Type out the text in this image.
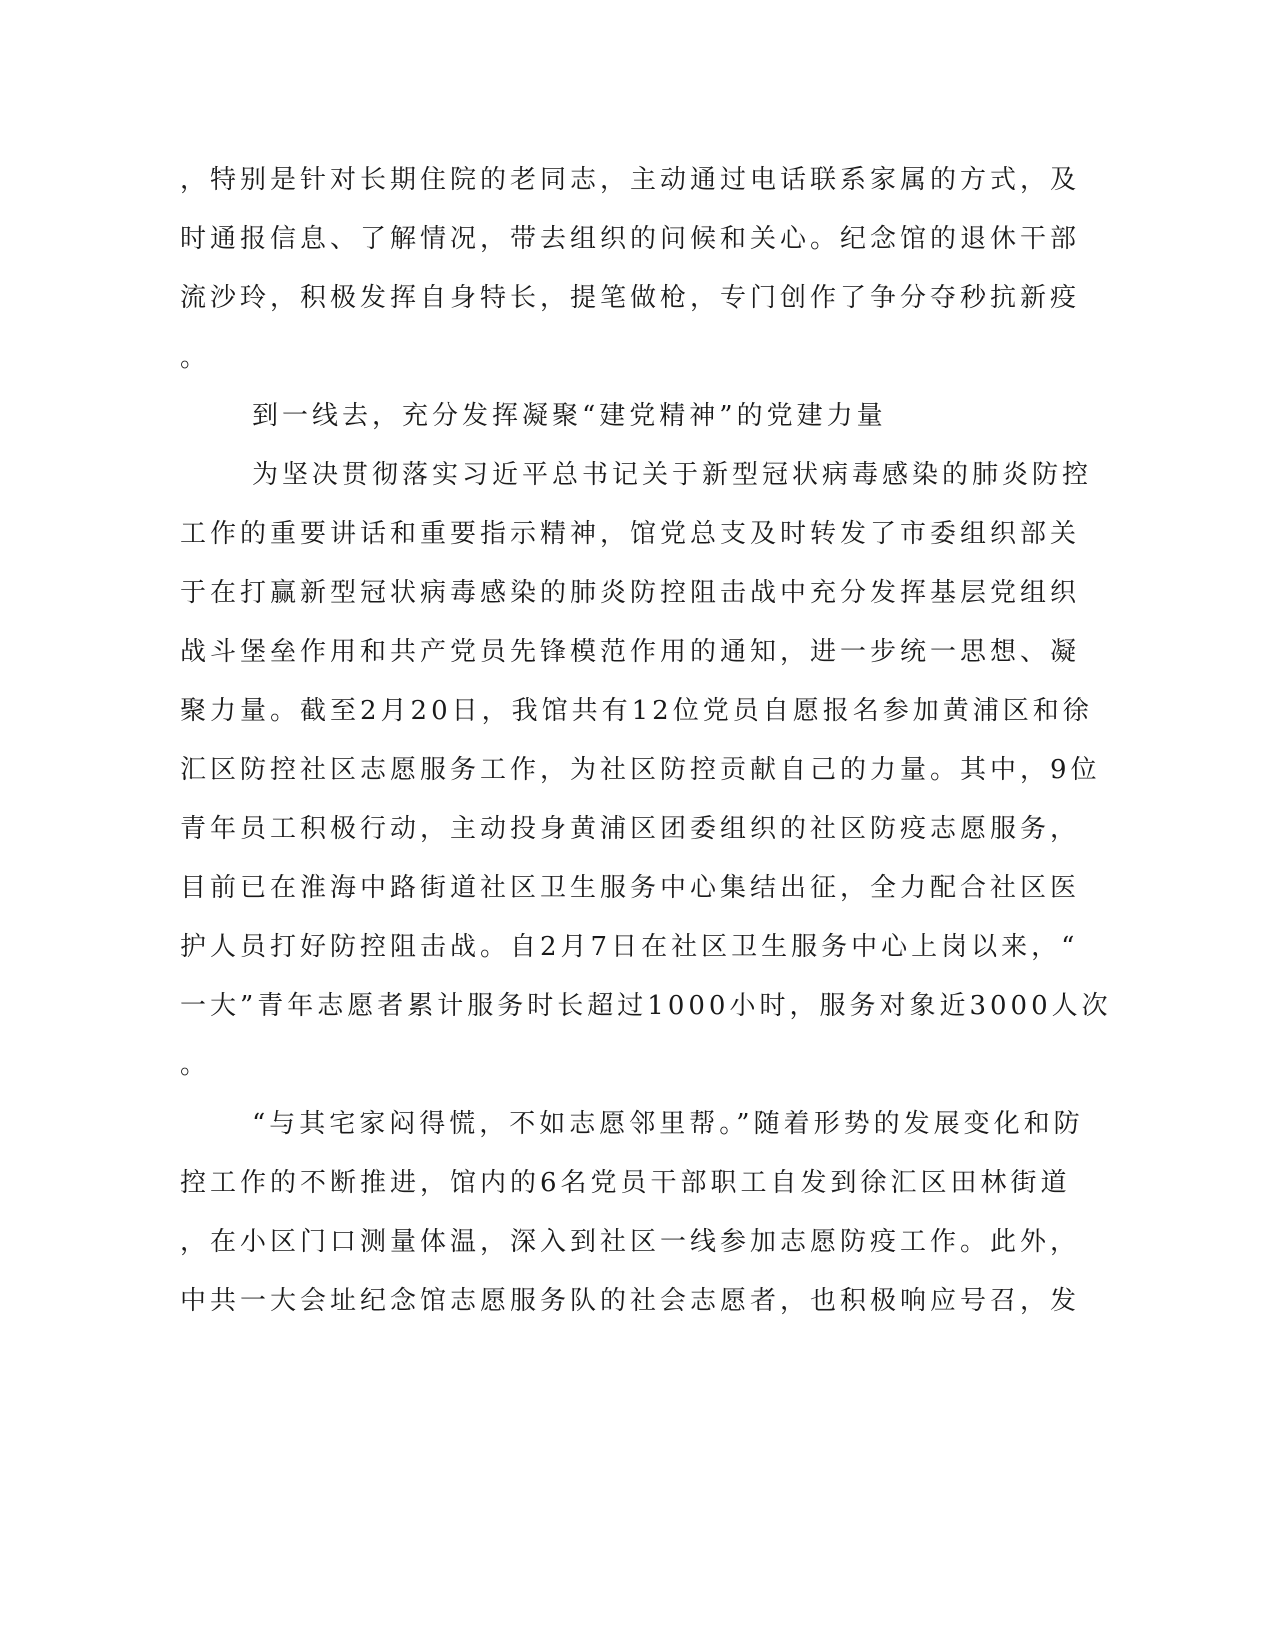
，特别是针对长期住院的老同志，主动通过电话联系家属的方式，及
时通报信息、了解情况，带去组织的问候和关心。纪念馆的退休干部
流沙玲，积极发挥自身特长，提笔做枪，专门创作了争分夺秒抗新疫
。
到一线去，充分发挥凝聚“建党精神”的党建力量
为坚决贯彻落实习近平总书记关于新型冠状病毒感染的肺炎防控
工作的重要讲话和重要指示精神，馆党总支及时转发了市委组织部关
于在打赢新型冠状病毒感染的肺炎防控阻击战中充分发挥基层党组织
战斗堡垒作用和共产党员先锋模范作用的通知，进一步统一思想、凝
聚力量。截至2月20日，我馆共有12位党员自愿报名参加黄浦区和徐
汇区防控社区志愿服务工作，为社区防控贡献自己的力量。其中，9位
青年员工积极行动，主动投身黄浦区团委组织的社区防疫志愿服务，
目前已在淮海中路街道社区卫生服务中心集结出征，全力配合社区医
护人员打好防控阻击战。自2月7日在社区卫生服务中心上岗以来，“
一大”青年志愿者累计服务时长超过1000小时，服务对象近3000人次
。
“与其宅家闷得慌，不如志愿邻里帮。”随着形势的发展变化和防
控工作的不断推进，馆内的6名党员干部职工自发到徐汇区田林街道
，在小区门口测量体温，深入到社区一线参加志愿防疫工作。此外，
中共一大会址纪念馆志愿服务队的社会志愿者，也积极响应号召，发
